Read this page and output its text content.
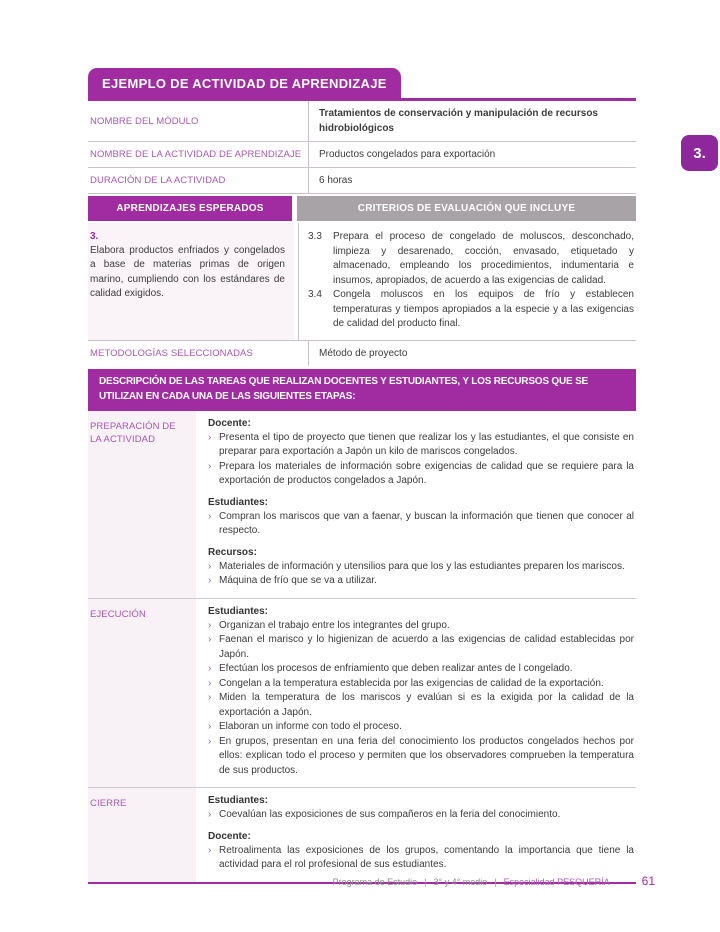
3.
EJEMPLO DE ACTIVIDAD DE APRENDIZAJE
NOMBRE DEL MÓDULO
Tratamientos de conservación y manipulación de recursos hidrobiológicos
NOMBRE DE LA ACTIVIDAD DE APRENDIZAJE	Productos congelados para exportación
DURACIÓN DE LA ACTIVIDAD	6 horas
APRENDIZAJES ESPERADOS	CRITERIOS DE EVALUACIÓN QUE INCLUYE
3.
Elabora productos enfriados y congelados a base de materias primas de origen marino, cumpliendo con los estándares de calidad exigidos.
3.3	Prepara el proceso de congelado de moluscos, desconchado, limpieza y desarenado, cocción, envasado, etiquetado y almacenado, empleando los procedimientos, indumentaria e insumos, apropiados, de acuerdo a las exigencias de calidad.
3.4	Congela moluscos en los equipos de frío y establecen temperaturas y tiempos apropiados a la especie y a las exigencias de calidad del producto final.
METODOLOGÍAS SELECCIONADAS	Método de proyecto
DESCRIPCIÓN DE LAS TAREAS QUE REALIZAN DOCENTES Y ESTUDIANTES, Y LOS RECURSOS QUE SE UTILIZAN EN CADA UNA DE LAS SIGUIENTES ETAPAS:
PREPARACIÓN DE LA ACTIVIDAD
Docente:
› Presenta el tipo de proyecto que tienen que realizar los y las estudiantes, el que consiste en preparar para exportación a Japón un kilo de mariscos congelados.
› Prepara los materiales de información sobre exigencias de calidad que se requiere para la exportación de productos congelados a Japón.
Estudiantes:
› Compran los mariscos que van a faenar, y buscan la información que tienen que conocer al respecto.
Recursos:
› Materiales de información y utensilios para que los y las estudiantes preparen los mariscos.
› Máquina de frío que se va a utilizar.
EJECUCIÓN	Estudiantes:
› Organizan el trabajo entre los integrantes del grupo.
› Faenan el marisco y lo higienizan de acuerdo a las exigencias de calidad establecidas por Japón.
› Efectúan los procesos de enfriamiento que deben realizar antes de l congelado.
› Congelan a la temperatura establecida por las exigencias de calidad de la exportación.
› Miden la temperatura de los mariscos y evalúan si es la exigida por la calidad de la exportación a Japón.
› Elaboran un informe con todo el proceso.
› En grupos, presentan en una feria del conocimiento los productos congelados hechos por ellos: explican todo el proceso y permiten que los observadores comprueben la temperatura de sus productos.
CIERRE	Estudiantes:
› Coevalúan las exposiciones de sus compañeros en la feria del conocimiento.
Docente:
› Retroalimenta las exposiciones de los grupos, comentando la importancia que tiene la actividad para el rol profesional de sus estudiantes.
Programa de Estudio | 3° y 4° medio | Especialidad PESQUERÍA	61
